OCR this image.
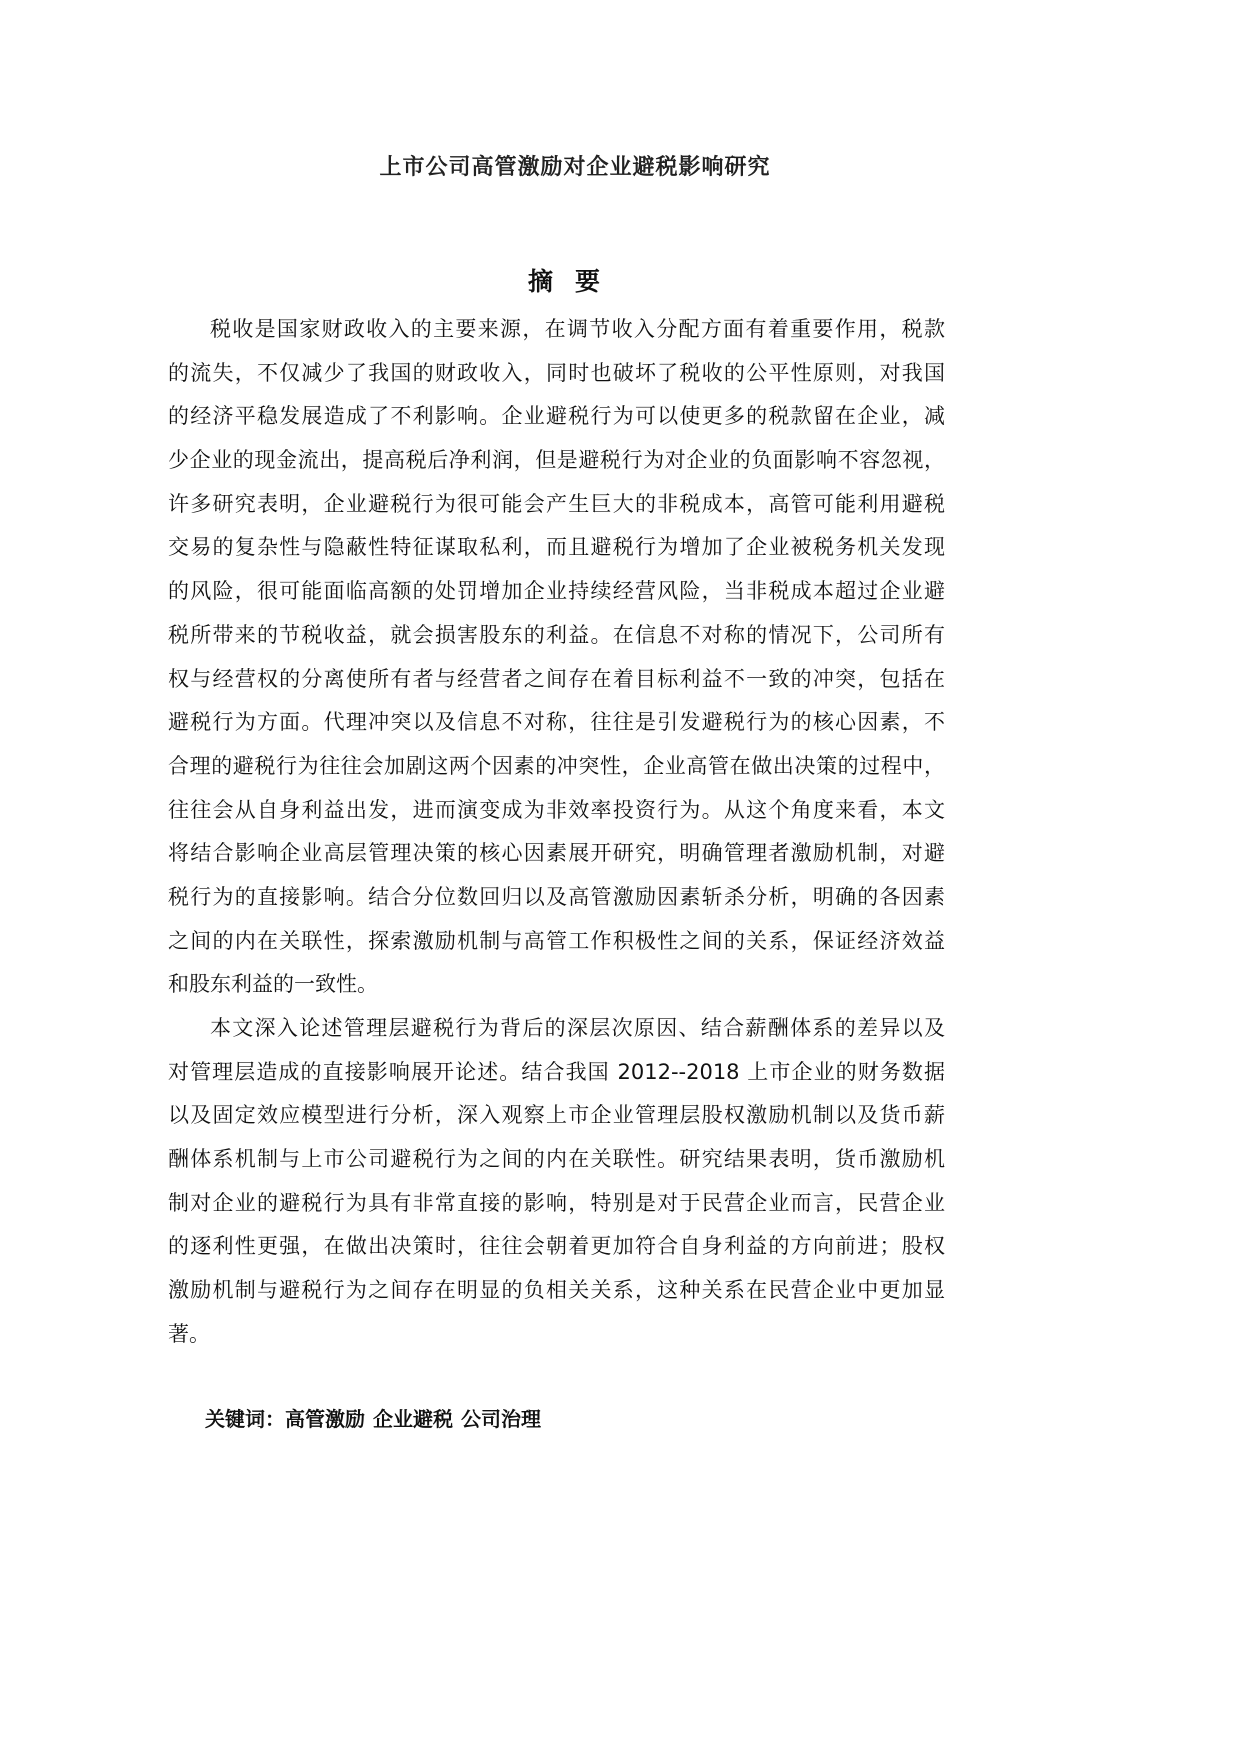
上市公司高管激励对企业避税影响研究
摘要
税收是国家财政收入的主要来源，在调节收入分配方面有着重要作用，税款
的流失，不仅减少了我国的财政收入，同时也破坏了税收的公平性原则，对我国
的经济平稳发展造成了不利影响。企业避税行为可以使更多的税款留在企业，减
少企业的现金流出，提高税后净利润，但是避税行为对企业的负面影响不容忽视，
许多研究表明，企业避税行为很可能会产生巨大的非税成本，高管可能利用避税
交易的复杂性与隐蔽性特征谋取私利，而且避税行为增加了企业被税务机关发现
的风险，很可能面临高额的处罚增加企业持续经营风险，当非税成本超过企业避
税所带来的节税收益，就会损害股东的利益。在信息不对称的情况下，公司所有
权与经营权的分离使所有者与经营者之间存在着目标利益不一致的冲突，包括在
避税行为方面。代理冲突以及信息不对称，往往是引发避税行为的核心因素，不
合理的避税行为往往会加剧这两个因素的冲突性，企业高管在做出决策的过程中，
往往会从自身利益出发，进而演变成为非效率投资行为。从这个角度来看，本文
将结合影响企业高层管理决策的核心因素展开研究，明确管理者激励机制，对避
税行为的直接影响。结合分位数回归以及高管激励因素斩杀分析，明确的各因素
之间的内在关联性，探索激励机制与高管工作积极性之间的关系，保证经济效益
和股东利益的一致性。
本文深入论述管理层避税行为背后的深层次原因、结合薪酬体系的差异以及
对管理层造成的直接影响展开论述。结合我国 2012--2018 上市企业的财务数据
以及固定效应模型进行分析，深入观察上市企业管理层股权激励机制以及货币薪
酬体系机制与上市公司避税行为之间的内在关联性。研究结果表明，货币激励机
制对企业的避税行为具有非常直接的影响，特别是对于民营企业而言，民营企业
的逐利性更强，在做出决策时，往往会朝着更加符合自身利益的方向前进；股权
激励机制与避税行为之间存在明显的负相关关系，这种关系在民营企业中更加显
著。
关键词：高管激励 企业避税 公司治理
